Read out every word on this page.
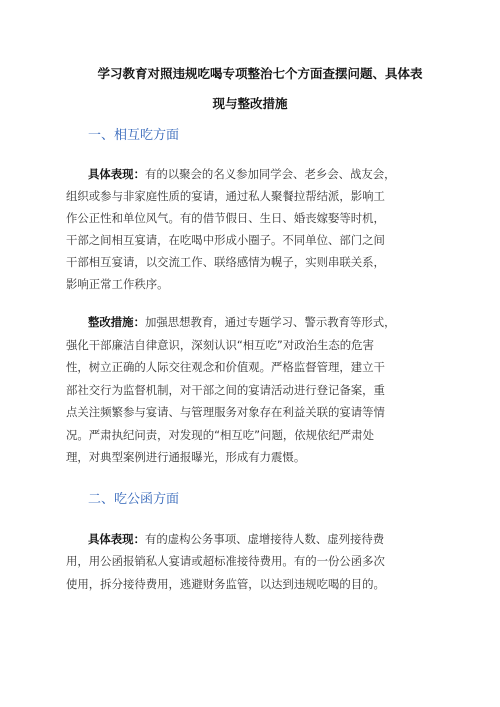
学习教育对照违规吃喝专项整治七个方面查摆问题、具体表
现与整改措施
一、相互吃方面
具体表现：有的以聚会的名义参加同学会、老乡会、战友会，
组织或参与非家庭性质的宴请，通过私人聚餐拉帮结派，影响工
作公正性和单位风气。有的借节假日、生日、婚丧嫁娶等时机，
干部之间相互宴请，在吃喝中形成小圈子。不同单位、部门之间
干部相互宴请，以交流工作、联络感情为幌子，实则串联关系，
影响正常工作秩序。
整改措施：加强思想教育，通过专题学习、警示教育等形式，
强化干部廉洁自律意识，深刻认识“相互吃”对政治生态的危害
性，树立正确的人际交往观念和价值观。严格监督管理，建立干
部社交行为监督机制，对干部之间的宴请活动进行登记备案，重
点关注频繁参与宴请、与管理服务对象存在利益关联的宴请等情
况。严肃执纪问责，对发现的“相互吃”问题，依规依纪严肃处
理，对典型案例进行通报曝光，形成有力震慑。
二、吃公函方面
具体表现：有的虚构公务事项、虚增接待人数、虚列接待费
用，用公函报销私人宴请或超标准接待费用。有的一份公函多次
使用，拆分接待费用，逃避财务监管，以达到违规吃喝的目的。
